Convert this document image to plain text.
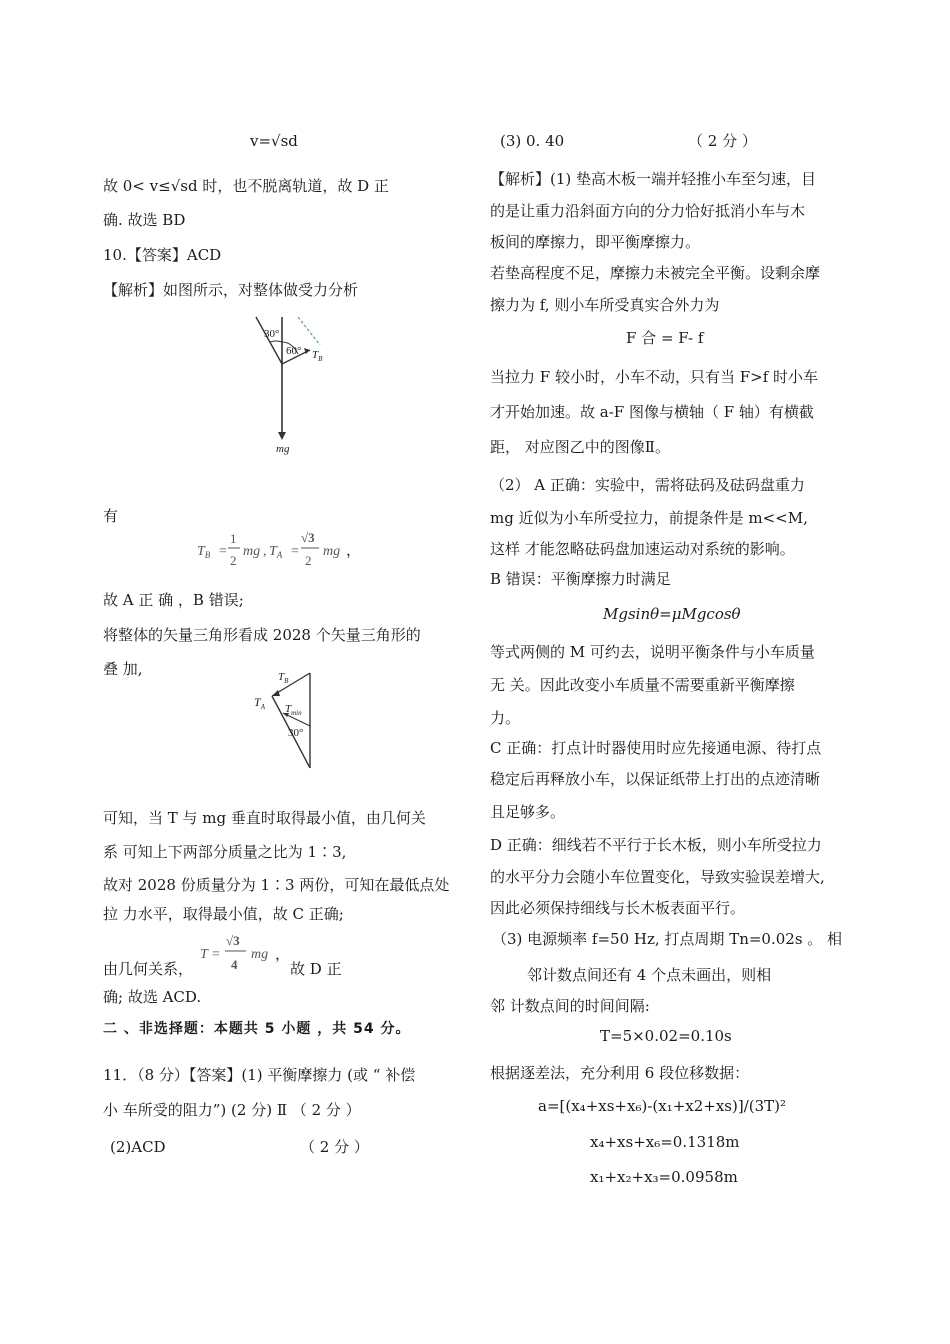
v=√sd
故 0< v≤√sd 时，也不脱离轨道，故 D 正
确. 故选 BD
10.【答案】ACD
【解析】如图所示，对整体做受力分析
30°
60° $T_B$
mg
有
$T_B$ =
1
2
mg , $T_A$ =
√3
2
mg ，
故 A 正 确 ，B 错误;
将整体的矢量三角形看成 2028 个矢量三角形的
叠 加,	$T_B$
$T_A$ $T_{min}$
30°
可知，当 T 与 mg 垂直时取得最小值，由几何关
系 可知上下两部分质量之比为 1∶3,
故对 2028 份质量分为 1∶3 两份，可知在最低点处
拉 力水平，取得最小值，故 C 正确;
由几何关系，
T =
√3
4
mg ，
故 D 正
确; 故选 ACD.
二 、非选择题：本题共 5 小题 ，共 54 分。
11．（8 分）【答案】(1) 平衡摩擦力 (或 “ 补偿
小 车所受的阻力”) (2 分) Ⅱ （ 2 分 ）
(2)ACD	（ 2 分 ）
(3) 0. 40	（ 2 分 ）
【解析】(1) 垫高木板一端并轻推小车至匀速，目
的是让重力沿斜面方向的分力恰好抵消小车与木
板间的摩擦力，即平衡摩擦力。
若垫高程度不足，摩擦力未被完全平衡。设剩余摩
擦力为 f, 则小车所受真实合外力为
F 合 = F- f
当拉力 F 较小时，小车不动，只有当 F>f 时小车
才开始加速。故 a-F 图像与横轴（ F 轴）有横截
距， 对应图乙中的图像Ⅱ。
（2） A 正确：实验中，需将砝码及砝码盘重力
mg 近似为小车所受拉力，前提条件是 m<<M,
这样 才能忽略砝码盘加速运动对系统的影响。
B 错误：平衡摩擦力时满足
Mgsinθ=μMgcosθ
等式两侧的 M 可约去，说明平衡条件与小车质量
无 关。因此改变小车质量不需要重新平衡摩擦
力。
C 正确：打点计时器使用时应先接通电源、待打点
稳定后再释放小车，以保证纸带上打出的点迹清晰
且足够多。
D 正确：细线若不平行于长木板，则小车所受拉力
的水平分力会随小车位置变化，导致实验误差增大,
因此必须保持细线与长木板表面平行。
（3) 电源频率 f=50 Hz, 打点周期 Tn=0.02s 。 相
邻计数点间还有 4 个点未画出，则相
邻 计数点间的时间间隔:
T=5×0.02=0.10s
根据逐差法，充分利用 6 段位移数据：
a=[(x₄+xs+x₆)-(x₁+x2+xs)]/(3T)²
x₄+xs+x₆=0.1318m
x₁+x₂+x₃=0.0958m
